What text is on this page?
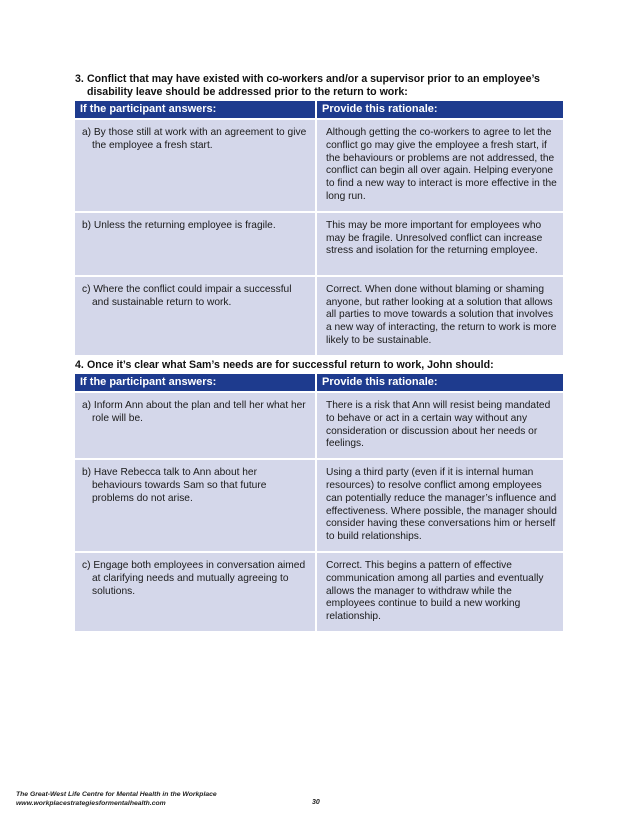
3. Conflict that may have existed with co-workers and/or a supervisor prior to an employee’s
disability leave should be addressed prior to the return to work:
If the participant answers:	Provide this rationale:

a) By those still at work with an agreement to give the employee a fresh start.	Although getting the co-workers to agree to let the conflict go may give the employee a fresh start, if the behaviours or problems are not addressed, the conflict can begin all over again. Helping everyone to find a new way to interact is more effective in the long run.

b) Unless the returning employee is fragile.	This may be more important for employees who may be fragile. Unresolved conflict can increase stress and isolation for the returning employee.

c) Where the conflict could impair a successful and sustainable return to work.	Correct. When done without blaming or shaming anyone, but rather looking at a solution that allows all parties to move towards a solution that involves a new way of interacting, the return to work is more likely to be sustainable.
4. Once it’s clear what Sam’s needs are for successful return to work, John should:
If the participant answers:	Provide this rationale:

a) Inform Ann about the plan and tell her what her role will be.	There is a risk that Ann will resist being mandated to behave or act in a certain way without any consideration or discussion about her needs or feelings.

b) Have Rebecca talk to Ann about her behaviours towards Sam so that future problems do not arise.	Using a third party (even if it is internal human resources) to resolve conflict among employees can potentially reduce the manager’s influence and effectiveness. Where possible, the manager should consider having these conversations him or herself to build relationships.

c) Engage both employees in conversation aimed at clarifying needs and mutually agreeing to solutions.	Correct. This begins a pattern of effective communication among all parties and eventually allows the manager to withdraw while the employees continue to build a new working relationship.
The Great-West Life Centre for Mental Health in the Workplace
www.workplacestrategiesformentalhealth.com	30
